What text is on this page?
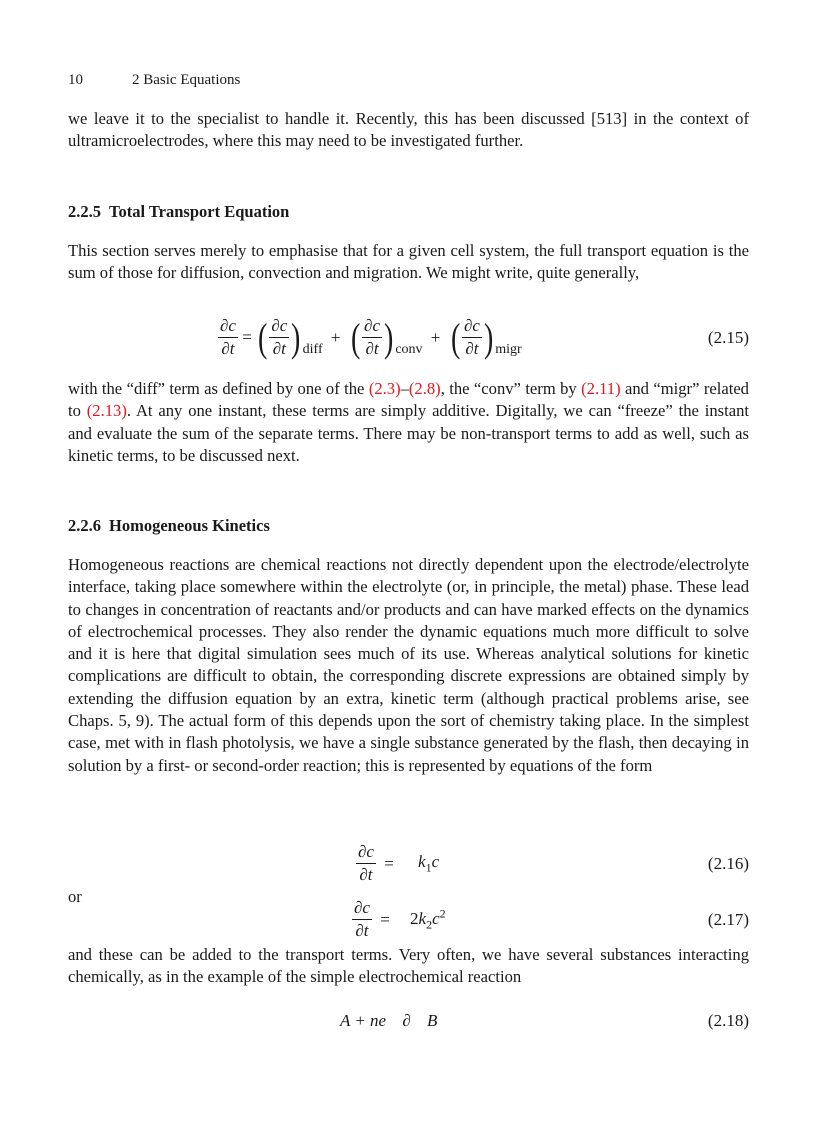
10	2 Basic Equations

we leave it to the specialist to handle it. Recently, this has been discussed [513] in the context of ultramicroelectrodes, where this may need to be investigated further.

2.2.5 Total Transport Equation

This section serves merely to emphasise that for a given cell system, the full transport equation is the sum of those for diffusion, convection and migration. We might write, quite generally,

$\frac{\partial c}{\partial t}$ = ( $\frac{\partial c}{\partial t}$ ) $_{diff}$ + ( $\frac{\partial c}{\partial t}$ ) $_{conv}$ + ( $\frac{\partial c}{\partial t}$ ) $_{migr}$
(2.15)

with the “diff” term as defined by one of the (2.3)–(2.8), the “conv” term by (2.11) and “migr” related to (2.13). At any one instant, these terms are simply additive. Digitally, we can “freeze” the instant and evaluate the sum of the separate terms. There may be non-transport terms to add as well, such as kinetic terms, to be discussed next.

2.2.6 Homogeneous Kinetics

Homogeneous reactions are chemical reactions not directly dependent upon the electrode/electrolyte interface, taking place somewhere within the electrolyte (or, in principle, the metal) phase. These lead to changes in concentration of reactants and/or products and can have marked effects on the dynamics of electrochemical processes. They also render the dynamic equations much more difficult to solve and it is here that digital simulation sees much of its use. Whereas analytical solutions for kinetic complications are difficult to obtain, the corresponding discrete expressions are obtained simply by extending the diffusion equation by an extra, kinetic term (although practical problems arise, see Chaps. 5, 9). The actual form of this depends upon the sort of chemistry taking place. In the simplest case, met with in flash photolysis, we have a single substance generated by the flash, then decaying in solution by a first- or second-order reaction; this is represented by equations of the form

$\frac{\partial c}{\partial t} = k_1c$	(2.16)
or
$\frac{\partial c}{\partial t} = 2k_2c^2$	(2.17)

and these can be added to the transport terms. Very often, we have several substances interacting chemically, as in the example of the simple electrochemical reaction

A + ne ∂ B	(2.18)
